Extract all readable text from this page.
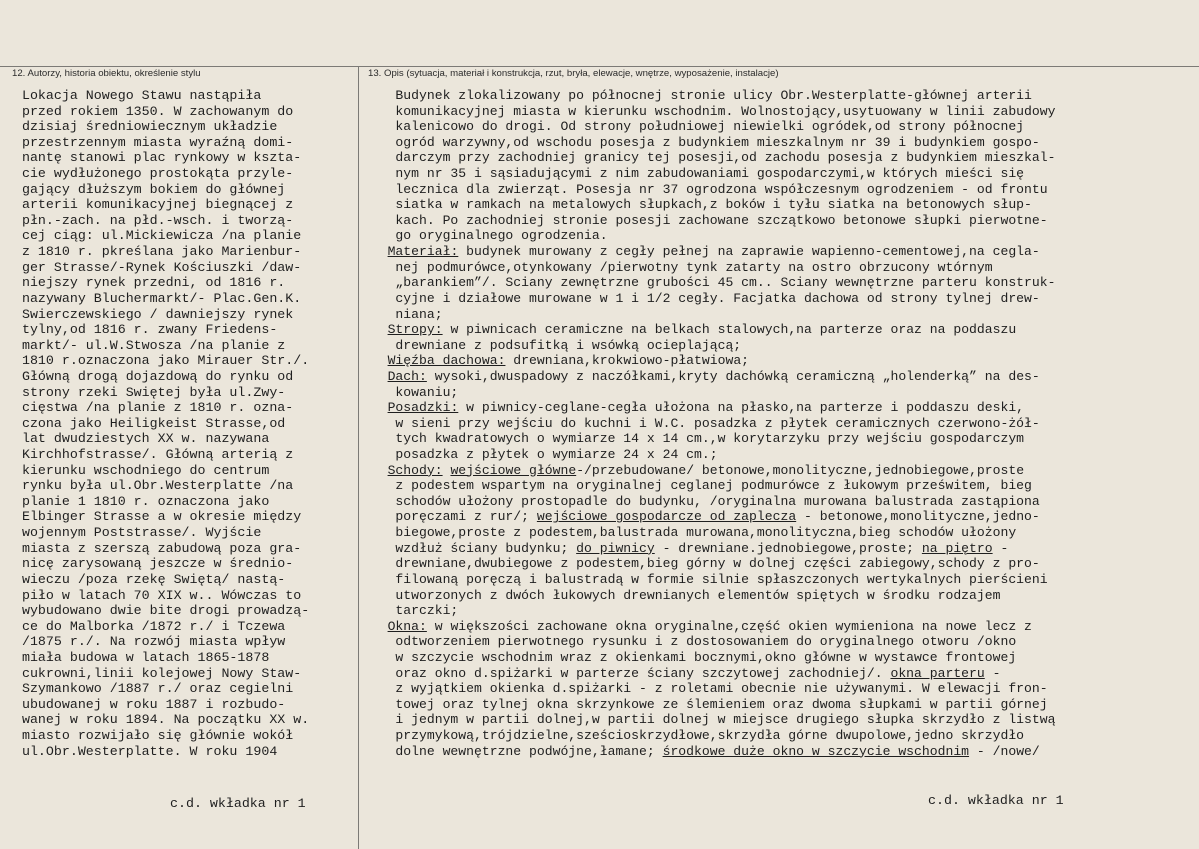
12. Autorzy, historia obiektu, określenie stylu	13. Opis (sytuacja, materiał i konstrukcja, rzut, bryła, elewacje, wnętrze, wyposażenie, instalacje)
Lokacja Nowego Stawu nastąpiła
przed rokiem 1350. W zachowanym do
dzisiaj średniowiecznym układzie
przestrzennym miasta wyraźną domi-
nantę stanowi plac rynkowy w kszta-
cie wydłużonego prostokąta przyle-
gający dłuższym bokiem do głównej
arterii komunikacyjnej biegnącej z
płn.-zach. na płd.-wsch. i tworzą-
cej ciąg: ul.Mickiewicza /na planie
z 1810 r. pkreślana jako Marienbur-
ger Strasse/-Rynek Kościuszki /daw-
niejszy rynek przedni, od 1816 r.
nazywany Bluchermarkt/- Plac.Gen.K.
Swierczewskiego / dawniejszy rynek
tylny,od 1816 r. zwany Friedens-
markt/- ul.W.Stwosza /na planie z
1810 r.oznaczona jako Mirauer Str./.
Główną drogą dojazdową do rynku od
strony rzeki Swiętej była ul.Zwy-
cięstwa /na planie z 1810 r. ozna-
czona jako Heiligkeist Strasse,od
lat dwudziestych XX w. nazywana
Kirchhofstrasse/. Główną arterią z
kierunku wschodniego do centrum
rynku była ul.Obr.Westerplatte /na
planie 1 1810 r. oznaczona jako
Elbinger Strasse a w okresie między
wojennym Poststrasse/. Wyjście
miasta z szerszą zabudową poza gra-
nicę zarysowaną jeszcze w średnio-
wieczu /poza rzekę Swiętą/ nastą-
piło w latach 70 XIX w.. Wówczas to
wybudowano dwie bite drogi prowadzą-
ce do Malborka /1872 r./ i Tczewa
/1875 r./. Na rozwój miasta wpływ
miała budowa w latach 1865-1878
cukrowni,linii kolejowej Nowy Staw-
Szymankowo /1887 r./ oraz cegielni
ubudowanej w roku 1887 i rozbudo-
wanej w roku 1894. Na początku XX w.
miasto rozwijało się głównie wokół
ul.Obr.Westerplatte. W roku 1904
Budynek zlokalizowany po północnej stronie ulicy Obr.Westerplatte-głównej arterii
komunikacyjnej miasta w kierunku wschodnim. Wolnostojący,usytuowany w linii zabudowy
kalenicowo do drogi. Od strony południowej niewielki ogródek,od strony północnej
ogród warzywny,od wschodu posesja z budynkiem mieszkalnym nr 39 i budynkiem gospo-
darczym przy zachodniej granicy tej posesji,od zachodu posesja z budynkiem mieszkal-
nym nr 35 i sąsiadującymi z nim zabudowaniami gospodarczymi,w których mieści się
lecznica dla zwierząt. Posesja nr 37 ogrodzona współczesnym ogrodzeniem - od frontu
siatka w ramkach na metalowych słupkach,z boków i tyłu siatka na betonowych słup-
kach. Po zachodniej stronie posesji zachowane szczątkowo betonowe słupki pierwotne-
go oryginalnego ogrodzenia.
Materiał: budynek murowany z cegły pełnej na zaprawie wapienno-cementowej,na cegla-
nej podmurówce,otynkowany /pierwotny tynk zatarty na ostro obrzucony wtórnym
„barankiem”/. Sciany zewnętrzne grubości 45 cm.. Sciany wewnętrzne parteru konstruk-
cyjne i działowe murowane w 1 i 1/2 cegły. Facjatka dachowa od strony tylnej drew-
niana;
Stropy: w piwnicach ceramiczne na belkach stalowych,na parterze oraz na poddaszu
drewniane z podsufitką i wsówką ocieplającą;
Więźba dachowa: drewniana,krokwiowo-płatwiowa;
Dach: wysoki,dwuspadowy z naczółkami,kryty dachówką ceramiczną „holenderką” na des-
kowaniu;
Posadzki: w piwnicy-ceglane-cegła ułożona na płasko,na parterze i poddaszu deski,
w sieni przy wejściu do kuchni i W.C. posadzka z płytek ceramicznych czerwono-żół-
tych kwadratowych o wymiarze 14 x 14 cm.,w korytarzyku przy wejściu gospodarczym
posadzka z płytek o wymiarze 24 x 24 cm.;
Schody: wejściowe główne-/przebudowane/ betonowe,monolityczne,jednobiegowe,proste
z podestem wspartym na oryginalnej ceglanej podmurówce z łukowym prześwitem, bieg
schodów ułożony prostopadle do budynku, /oryginalna murowana balustrada zastąpiona
poręczami z rur/; wejściowe gospodarcze od zaplecza - betonowe,monolityczne,jedno-
biegowe,proste z podestem,balustrada murowana,monolityczna,bieg schodów ułożony
wzdłuż ściany budynku; do piwnicy - drewniane.jednobiegowe,proste; na piętro -
drewniane,dwubiegowe z podestem,bieg górny w dolnej części zabiegowy,schody z pro-
filowaną poręczą i balustradą w formie silnie spłaszczonych wertykalnych pierścieni
utworzonych z dwóch łukowych drewnianych elementów spiętych w środku rodzajem
tarczki;
Okna: w większości zachowane okna oryginalne,część okien wymieniona na nowe lecz z
odtworzeniem pierwotnego rysunku i z dostosowaniem do oryginalnego otworu /okno
w szczycie wschodnim wraz z okienkami bocznymi,okno główne w wystawce frontowej
oraz okno d.spiżarki w parterze ściany szczytowej zachodniej/. okna parteru -
z wyjątkiem okienka d.spiżarki - z roletami obecnie nie używanymi. W elewacji fron-
towej oraz tylnej okna skrzynkowe ze ślemieniem oraz dwoma słupkami w partii górnej
i jednym w partii dolnej,w partii dolnej w miejsce drugiego słupka skrzydło z listwą
przymykową,trójdzielne,sześcioskrzydłowe,skrzydła górne dwupolowe,jedno skrzydło
dolne wewnętrzne podwójne,łamane; środkowe duże okno w szczycie wschodnim - /nowe/
c.d. wkładka nr 1	c.d. wkładka nr 1
